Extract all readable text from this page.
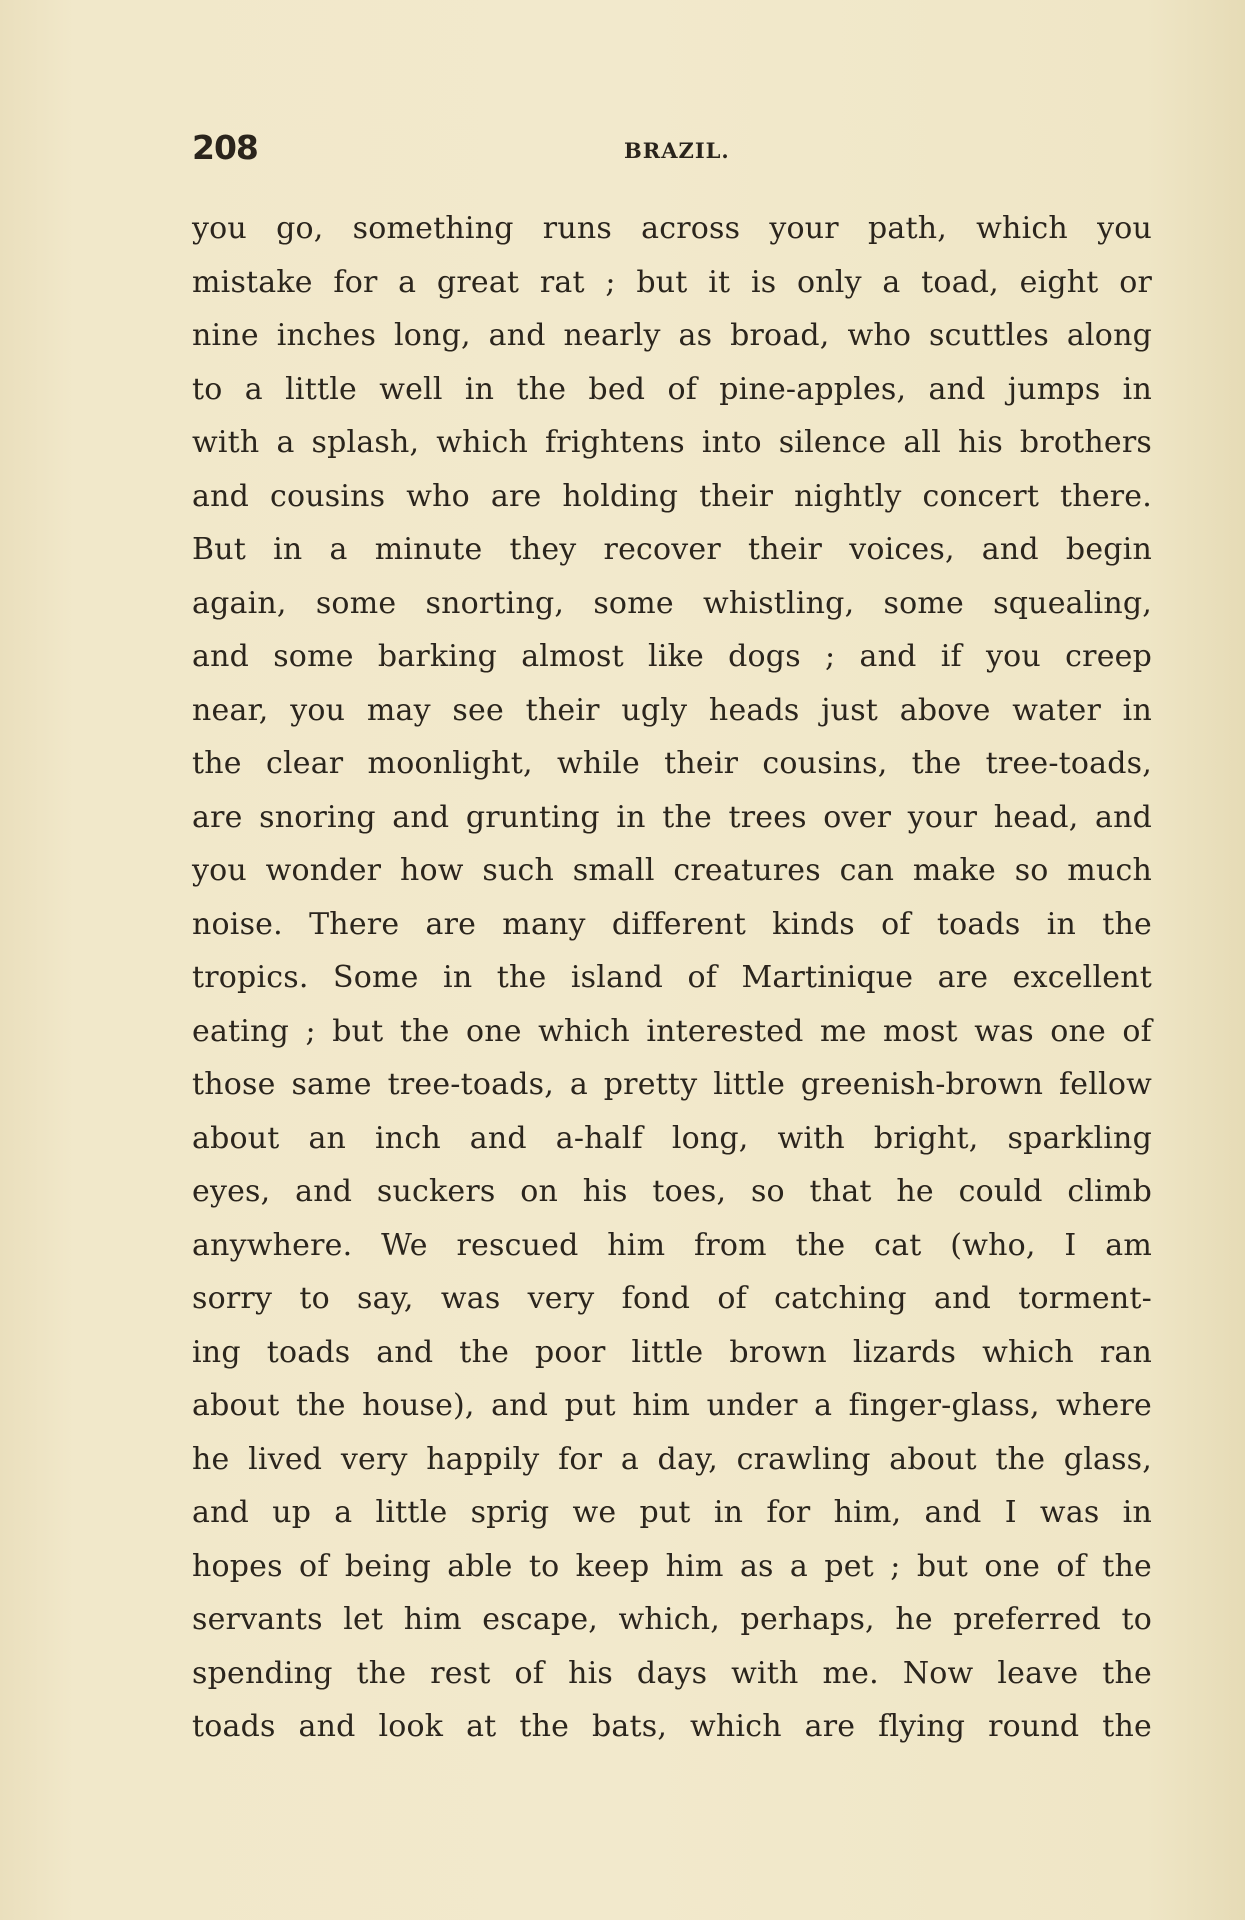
208	BRAZIL.
you go, something runs across your path, which you
mistake for a great rat ; but it is only a toad, eight or
nine inches long, and nearly as broad, who scuttles along
to a little well in the bed of pine-apples, and jumps in
with a splash, which frightens into silence all his brothers
and cousins who are holding their nightly concert there.
But in a minute they recover their voices, and begin
again, some snorting, some whistling, some squealing,
and some barking almost like dogs ; and if you creep
near, you may see their ugly heads just above water in
the clear moonlight, while their cousins, the tree-toads,
are snoring and grunting in the trees over your head, and
you wonder how such small creatures can make so much
noise. There are many different kinds of toads in the
tropics. Some in the island of Martinique are excellent
eating ; but the one which interested me most was one of
those same tree-toads, a pretty little greenish-brown fellow
about an inch and a-half long, with bright, sparkling
eyes, and suckers on his toes, so that he could climb
anywhere. We rescued him from the cat (who, I am
sorry to say, was very fond of catching and torment-
ing toads and the poor little brown lizards which ran
about the house), and put him under a finger-glass, where
he lived very happily for a day, crawling about the glass,
and up a little sprig we put in for him, and I was in
hopes of being able to keep him as a pet ; but one of the
servants let him escape, which, perhaps, he preferred to
spending the rest of his days with me. Now leave the
toads and look at the bats, which are flying round the
